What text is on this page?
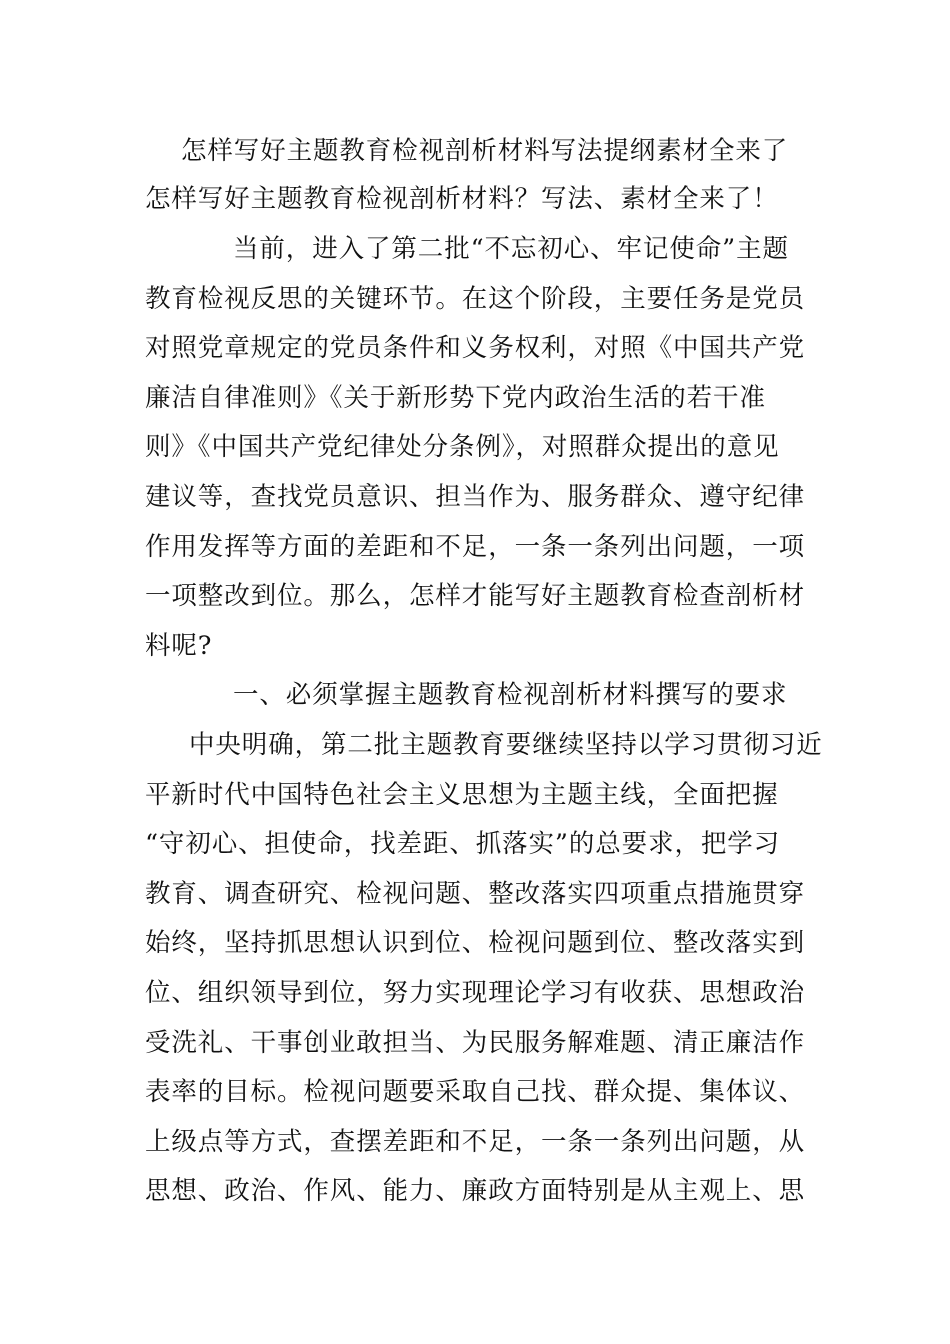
怎样写好主题教育检视剖析材料写法提纲素材全来了
怎样写好主题教育检视剖析材料？写法、素材全来了！
当前，进入了第二批“不忘初心、牢记使命”主题
教育检视反思的关键环节。在这个阶段，主要任务是党员
对照党章规定的党员条件和义务权利，对照《中国共产党
廉洁自律准则》《关于新形势下党内政治生活的若干准
则》《中国共产党纪律处分条例》，对照群众提出的意见
建议等，查找党员意识、担当作为、服务群众、遵守纪律
作用发挥等方面的差距和不足，一条一条列出问题，一项
一项整改到位。那么，怎样才能写好主题教育检查剖析材
料呢?
一、必须掌握主题教育检视剖析材料撰写的要求
中央明确，第二批主题教育要继续坚持以学习贯彻习近
平新时代中国特色社会主义思想为主题主线，全面把握
“守初心、担使命，找差距、抓落实”的总要求，把学习
教育、调查研究、检视问题、整改落实四项重点措施贯穿
始终，坚持抓思想认识到位、检视问题到位、整改落实到
位、组织领导到位，努力实现理论学习有收获、思想政治
受洗礼、干事创业敢担当、为民服务解难题、清正廉洁作
表率的目标。检视问题要采取自己找、群众提、集体议、
上级点等方式，查摆差距和不足，一条一条列出问题，从
思想、政治、作风、能力、廉政方面特别是从主观上、思
